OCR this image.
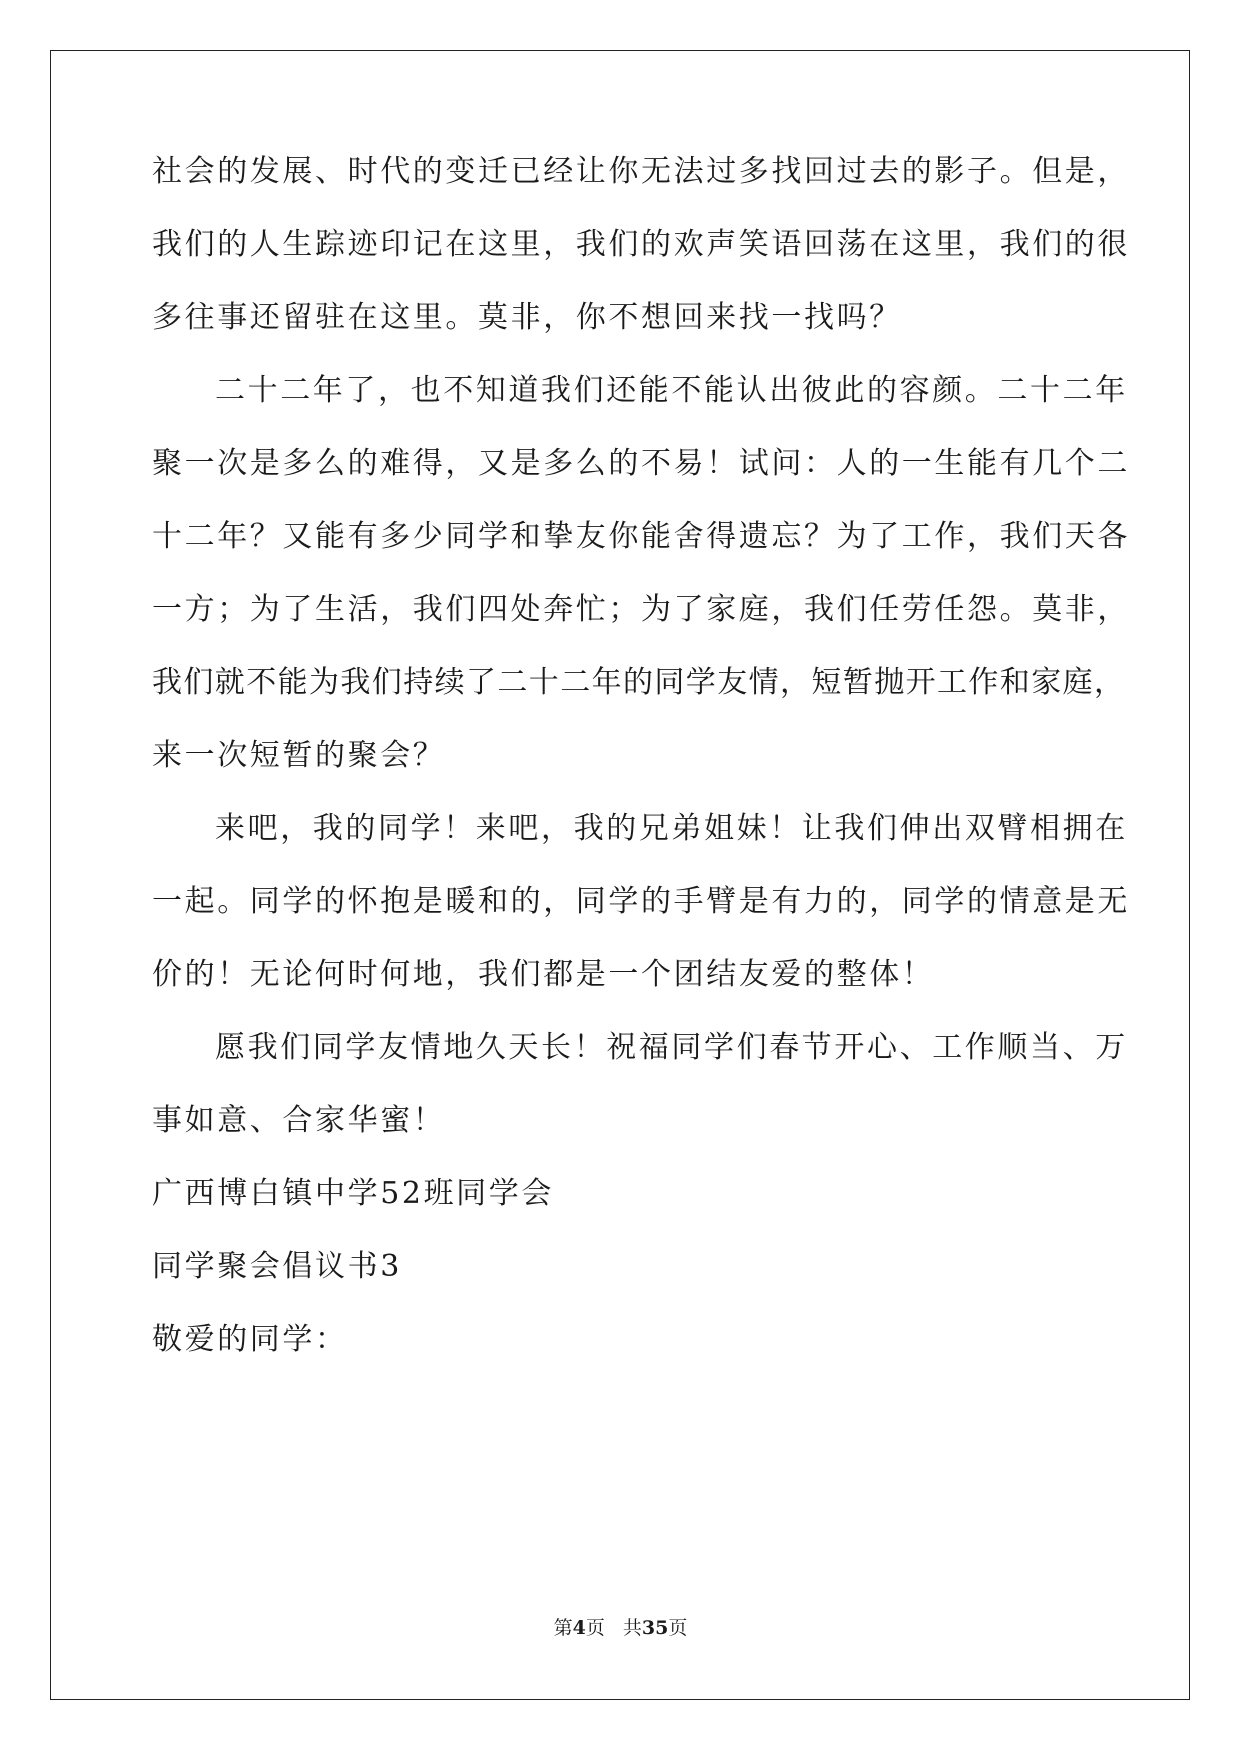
社会的发展、时代的变迁已经让你无法过多找回过去的影子。但是，
我们的人生踪迹印记在这里，我们的欢声笑语回荡在这里，我们的很
多往事还留驻在这里。莫非，你不想回来找一找吗？
二十二年了，也不知道我们还能不能认出彼此的容颜。二十二年
聚一次是多么的难得，又是多么的不易！试问：人的一生能有几个二
十二年？又能有多少同学和挚友你能舍得遗忘？为了工作，我们天各
一方；为了生活，我们四处奔忙；为了家庭，我们任劳任怨。莫非，
我们就不能为我们持续了二十二年的同学友情，短暂抛开工作和家庭，
来一次短暂的聚会？
来吧，我的同学！来吧，我的兄弟姐妹！让我们伸出双臂相拥在
一起。同学的怀抱是暖和的，同学的手臂是有力的，同学的情意是无
价的！无论何时何地，我们都是一个团结友爱的整体！
愿我们同学友情地久天长！祝福同学们春节开心、工作顺当、万
事如意、合家华蜜！
广西博白镇中学52班同学会
同学聚会倡议书3
敬爱的同学：
第4页 共35页
